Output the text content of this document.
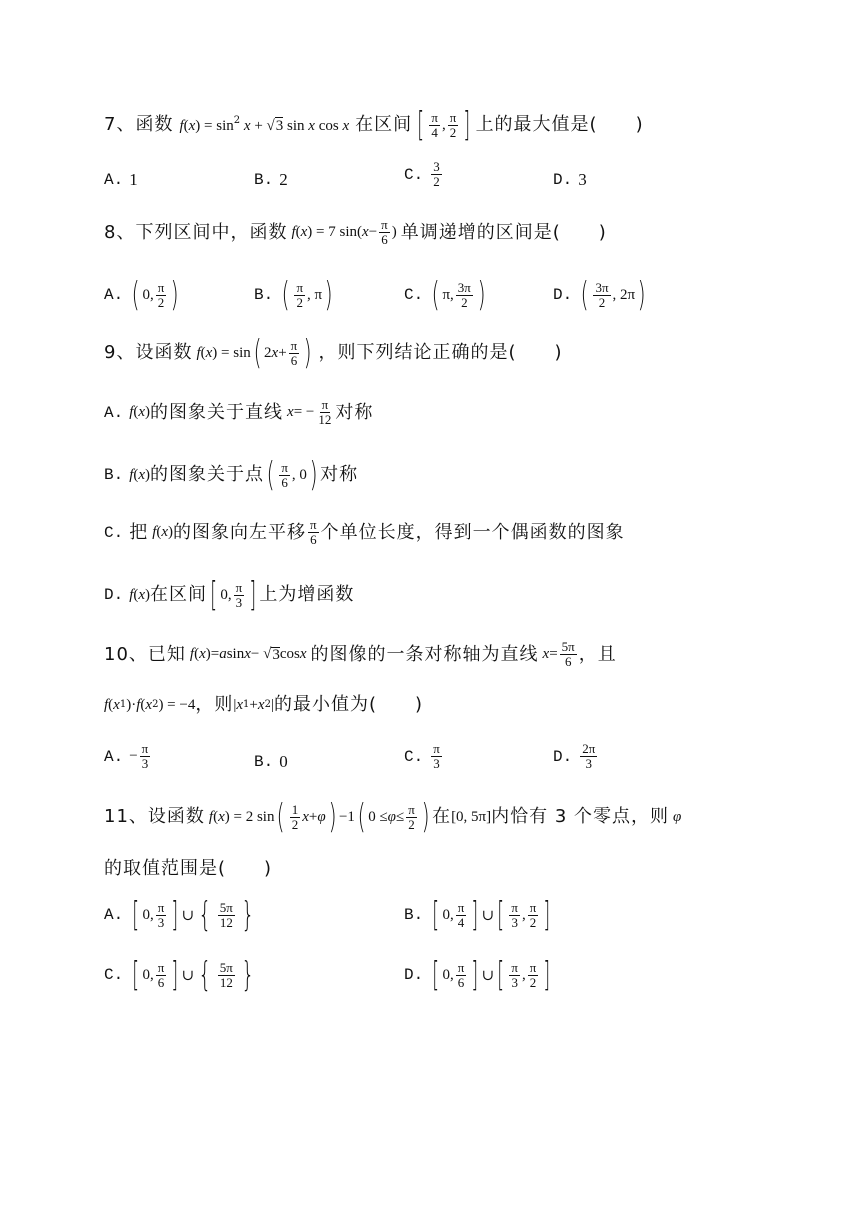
7、函数 $f(x) = \sin^2 x + √3$ sin x cos x 在区间 [ $\frac{\pi}{4}$ , $\frac{\pi}{2}$ ] 上的最大值是(　　)
A. 1	B. 2	C. $\frac{3}{2}$	D. 3
8、下列区间中，函数 f ( x ) = 7 sin( $x - \frac{\pi}{6}$ ) 单调递增的区间是(　　)
A. ( 0, $\frac{\pi}{2}$ )	B. ( $\frac{\pi}{2}$ , π )	C. ( π, $\frac{3\pi}{2}$ )	D. ( $\frac{3\pi}{2}$ , 2π )
9、设函数 f ( x ) = sin ( 2 $x + \frac{\pi}{6}$ ) ，则下列结论正确的是(　　)
A. f ( x ) 的图象关于直线 x = − $\frac{\pi}{12}$ 对称
B. f ( x ) 的图象关于点 ( $\frac{\pi}{6}$ , 0 ) 对称
C. 把 f ( x ) 的图象向左平移 $\frac{\pi}{6}$ 个单位长度，得到一个偶函数的图象
D. f ( x ) 在区间 [ 0, $\frac{\pi}{3}$ ] 上为增函数
10、已知 f ( x )= a sin x − √ 3 cos x 的图像的一条对称轴为直线 $x = \frac{5\pi}{6}$ ，且
f ( x 1 )· f ( x 2 ) = −4 ，则 | x 1 + x 2 | 的最小值为(　　)
A. − $\frac{\pi}{3}$	B. 0	C. $\frac{\pi}{3}$	D. $\frac{2\pi}{3}$
11、设函数 f ( x ) = 2 sin ( $\frac{1}{2}$ x + φ ) −1 ( $0 \le \varphi \le \frac{\pi}{2}$ ) 在 [0, 5π] 内恰有 3 个零点，则 φ
的取值范围是(　　)
A. [ 0, $\frac{\pi}{3}$ ] ∪ { $\frac{5\pi}{12}$ }	B. [ 0, $\frac{\pi}{4}$ ] ∪ [ $\frac{\pi}{3}$ , $\frac{\pi}{2}$ ]
C. [ 0, $\frac{\pi}{6}$ ] ∪ { $\frac{5\pi}{12}$ }	D. [ 0, $\frac{\pi}{6}$ ] ∪ [ $\frac{\pi}{3}$ , $\frac{\pi}{2}$ ]
